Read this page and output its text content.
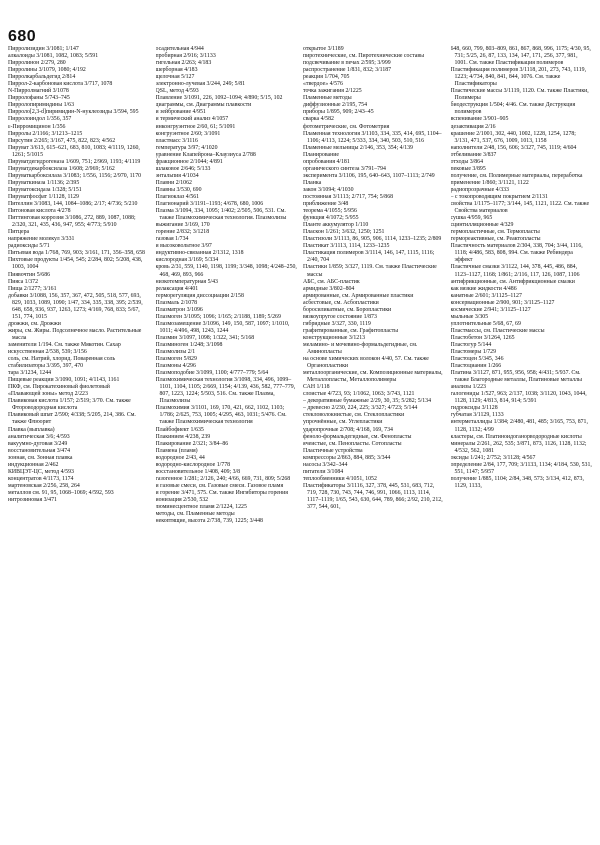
680

Пирролизидин 3/1081; 1/147

алкалоиды 3/1081, 1082, 1083; 5/591

Пирролинон 2/279, 280

Пирролины 3/1079, 1080; 4/192

Пирролкарбальдегид 2/814

Пиррол-2-карбоновая кислота 3/717, 1078

N-Пирролмагний 3/1078

Пирролофаны 5/743–745

Пирролопиримидины 1/63

Пирроло[2,3-d]пиримидин-N-нуклеозиды 3/594, 595

Пирролоиндол 1/356, 357

ε-Пирромицинон 1/356

Пирролы 2/1166; 3/1213–1215

Пирсутин 2/265; 3/167, 475, 822, 823; 4/562

Пируват 3/613, 615–621, 683, 810, 1083; 4/1119, 1260, 1261; 5/1015

Пируватдегидрогеназа 1/609, 751; 2/969, 1193; 4/1119

Пируватдекарбоксилаза 1/608; 2/969; 5/162

Пируваткарбоксилаза 3/1083; 1/556, 1156; 2/970, 1170

Пируваткиназа 1/1136; 2/395

Пируватоксидаза 1/328; 5/151

Пируватфосфат 1/1128, 1129

Пителлин 3/1083, 144, 1084–1086; 2/17; 4/736; 5/210

Питоновая кислота 4/278

Питтинговая коррозия 3/1086, 272, 889, 1087, 1088; 2/320, 321, 435, 436, 947, 955; 4/773; 5/910

Питцера

напряжение молекул 3/331

радиоксиды 5/71

Питьевая вода 1/768, 769, 903; 3/161, 171, 356–358, 658

Пихтовые продукты 1/454, 545; 2/284, 802; 5/208, 438, 1003, 1004

Пиявочтин 5/686

Пиясa 1/372

Пища 2/1277; 3/161

добавки 3/1088, 156, 357, 367, 472, 505, 518, 577, 693, 829, 1033, 1089, 1090; 1/47, 334, 335, 338, 395; 2/539, 648, 658, 936, 937, 1263, 1273; 4/169, 768, 833; 5/67, 151, 774, 1015

дрожжи, см. Дрожжи

жиры, см. Жиры. Подсолнечное масло. Растительные масла

заменители 1/194. См. также Мякотин. Сахар

искусственная 2/538, 539; 3/156

соль, см. Натрий, хлорид. Поваренная соль

стабилизаторы 3/395, 397, 470

тара 3/1234, 1244

Пищевые реакции 3/1090, 1091; 4/1143, 1161

ПКФ, см. Пирокатехиновый фиолетовый

«Плавающей зоны» метод 2/223

Плавиковая кислота 1/157; 2/519; 3/70. См. также Фтороводородная кислота

Плавиковый шпат 2/590; 4/338; 5/205, 214, 386. См. также Флюорит

Плавка (выплавка)

аналитическая 3/6; 4/593

вакуумно-дуговая 3/249

восстановительная 3/474

зонная, см. Зонная плавка

индукционная 2/462

КИВЦЭТ-ЦС, метод 4/593

концентратов 4/1173, 1174

мартеновская 2/256, 258, 264

металлов см. 91, 95, 1068–1069; 4/592, 593

нитрозиновая 3/471

осадительная 4/944

пробирная 2/916; 3/1133

тигельная 2/263; 4/183

шерборная 4/183

щелочная 5/127

электронно-лучевая 3/244, 249; 5/81

QSL, метод 4/593

Плавление 3/1091, 226, 1092–1094; 4/890; 5/15, 102

диаграммы, см. Диаграммы плавкости

и зейбрование 4/951

и термический анализ 4/1057

инконгруэнтное 2/60, 61; 5/1091

конгруэнтное 2/60; 3/1091

пластмасс 3/1116

температура 3/97; 4/1020

уравнение Клапейрона–Клаузиуса 2/788

фракционное 2/1044; 4/891

шлаковое 2/646; 5/133

энтальпия 4/1034

Плавни 2/1062

Плавны 3/530, 690

Плагиоклаз 4/561

Плагионарий 3/1191–1193; 4/678, 680, 1006

Плазма 3/1094, 334, 1095; 1/402; 2/505, 506, 531. См. также Плазмохимическая технология. Плазмолизы

выжигание 3/169, 170

горение 2/832; 3/1218

газовая 1/734

и высоковольтное 3/97

индуктивно-связанная 2/1312, 1318

кислородная 3/169; 5/334

кровь 2/31, 559, 1140, 1198, 1199; 3/348, 1098; 4/248–250, 468, 469, 893, 966

низкотемпературная 5/43

релаксация 4/401

терморегуляция диссоциации 2/158

Плазмаль 2/1078

Плазматрон 3/1096

Плазмоген 3/1095; 1096; 1/165; 2/1188, 1189; 5/269

Плазмозамещение 3/1096, 149, 150, 587, 1097; 1/1010, 1011; 4/496, 498, 1243, 1244

Плазмин 3/1097, 1098; 1/322, 341; 5/168

Плазминоген 1/248; 3/1098

Плазмолизы 2/1

Плазмоген 5/829

Плазмоны 4/296

Плазмоподобие 3/1099, 1100; 4/777–779; 5/64

Плазмохимическая технология 3/1098, 334, 496, 1099–1101, 1104, 1105; 2/669, 1154; 4/139, 436, 582, 777–779, 807, 1223, 1224; 5/503, 516. См. также Плазма, Плазмолизы

Плазмохимия 3/1101, 169, 170, 421, 662, 1102, 1103; 1/786; 2/625, 753, 1005; 4/295, 463, 1031; 5/476. См. также Плазмохимическая технология

Плайбофиект 1/635

Плакинием 4/238, 239

Плакирование 2/321; 3/84–86

Пламена (пламя)

водородное 2/43, 44

водородно-кислородное 1/778

восстановительное 1/408, 409; 3/8

газогенное 1/281; 2/126, 240; 4/66, 669, 731, 809; 5/268

и газовые смеси, см. Газовые смеси. Газовое пламя

и горение 3/471, 575. См. также Ингибиторы горения

ионизация 2/530, 532

люминесцентное пламя 2/1224, 1225

методы, см. Пламенные методы

некоптящие, высота 2/738, 739, 1225; 3/448

открытое 3/1189

пиротехнические, см. Пиротехнические составы

подсвечивание в печах 2/595; 3/999

распространение 1/831, 832; 3/1187

реакция 1/704, 705

«твердое» 4/576

точка зажигания 2/1225

Пламенные методы

диффузионные 2/195, 754

приборы 1/895, 909; 2/43–45

сварка 4/582

фотометрические, см. Фотометрия

Пламенная технология 3/1103, 334, 335, 414, 695, 1104–1106; 4/113, 1224; 5/333, 334, 340, 503, 510, 516

Пламенные мельницы 2/146, 353, 354; 4/139

Планирование

опробования 4/181

органического синтеза 3/791–794

эксперимента 3/1106, 195, 640–643, 1107–1113; 2/749

Планка

закон 3/1094; 4/1030

постоянная 3/1113; 2/717, 754; 5/868

приближение 3/48

теорема 4/1055; 5/956

функция 4/1072; 5/955

Планте аккумулятор 1/110

Пласкон 1/261; 3/632, 1250; 1251

Пластизоли 3/1113, 86, 905, 906, 1114, 1233–1235; 2/809

Пластикат 3/1113, 1114, 1233–1235

Пластикация полимеров 3/1114, 146, 147, 1115, 1116; 2/40, 704

Пластики 1/859; 3/327, 1119. См. также Пластические массы

АБС, см. АБС-пластик

армидные 3/802–804

армированные, см. Армированные пластики

асбестовые, см. Асбопластики

боросиликатные, см. Боропластики

вязкоупругое состояние 1/873

гибридные 3/327, 330, 1119

графитированные, см. Графитопласты

конструкционные 3/1213

меламино- и мочевино-формальдегидные, см. Аминопласты

на основе химических волокон 4/40, 57. См. также Органопластики

металлоорганические, см. Композиционные материалы, Металлопласты, Металлополимеры

САН 1/118

слоистые 4/723, 93; 1/1062, 1063; 3/743, 1121

– декоративные бумажные 2/29, 30, 35; 5/282; 5/134

– древесно 2/230, 224, 225; 3/327; 4/723; 5/144

стекловолокнистые, см. Стеклопластики

упрочнённые, см. Углепластики

ударопрочные 2/708; 4/168, 169, 734

феноло-формальдегидные, см. Фенопласты

ячеистые, см. Пенопласты. Сотопласты

Пластичные устройства

компрессоры 2/863, 884, 885; 3/344

насосы 3/342–344

питатели 3/1084

теплообменники 4/1051, 1052

Пластификаторы 3/1116, 327, 378, 445, 531, 683, 712, 719, 728, 730, 743, 744, 746, 991, 1066, 1113, 1114, 1117–1119; 1/65, 543, 630, 644, 789, 866; 2/92, 210, 212, 377, 544, 601,

648, 660, 799, 803–809, 861, 867, 868, 996, 1175; 4/30, 95, 731; 5/25, 26, 87, 133, 134, 147, 171, 256, 377, 981, 1001. См. также Пластификация полимеров

Пластификация полимеров 3/1118, 201, 273, 743, 1119, 1223; 4/734, 840, 841, 844, 1076. См. также Пластификаторы

Пластические массы 3/1119, 1120. См. также Пластики, Полимеры

биодеструкция 1/504; 4/46. См. также Деструкция полимеров

вспенивание 3/901–905

дезактивация 2/16

крашение 2/1001, 302, 440, 1002, 1228, 1254, 1278; 3/131, 471, 537, 676, 1009, 1013, 1158

наполнители 2/48, 156, 606; 3/327, 745, 1119; 4/604

отбеливание 3/837

отходы 3/864

пековые 3/895

получение, см. Полимерные материалы, переработка

применение 1/860; 3/1121, 1122

радиопрозрачные 4/333

– с токопроводящим покрытием 2/1131

свойства 1/1175–1177; 3/144, 145, 1121, 1122. См. также Свойства материалов

сушка 4/959, 965

сцинтилляционные 4/329

термопластичные, см. Термопласты

термореактивные, см. Реактопласты

Пластичность материалов 2/304, 338, 704; 3/44, 1116, 1118; 4/486, 583, 808, 994. См. также Ребиндера эффект

Пластичные смазки 3/1122, 144, 378, 445, 486, 884, 1123–1127, 1168; 1/861; 2/116, 117, 126, 1087, 1106

антифрикционные, см. Антифрикционные смазки

как вязкие жидкости 4/486

канатные 2/601; 3/1125–1127

консервационные 2/900, 901; 3/1125–1127

космические 2/941; 3/1125–1127

мыльные 3/305

уплотнительные 5/68, 67, 69

Пластмассы, см. Пластические массы

Пластобетон 3/1264, 1265

Пластогур 5/144

Пластомеры 1/729

Пластоцен 5/345, 346

Пластоцианин 1/266

Платина 3/1127, 871, 955, 956, 958; 4/431; 5/937. См. также Благородные металлы, Платиновые металлы

анализы 1/223

галогениды 1/527, 963; 2/137, 1038; 3/1120, 1043, 1044, 1128, 1129; 4/813, 814, 914; 5/391

гидроксиды 3/1128

губчатая 3/1129, 1133

интерметаллиды 1/384; 2/480, 481, 485; 3/165, 753, 871, 1128, 1132; 4/99

кластеры, см. Платиноидоганорводородные кислоты

минералы 2/261, 262, 535; 3/871, 873, 1126, 1128, 1132; 4/532, 562, 1081

оксиды 1/241; 2/752; 3/1128; 4/567

определение 2/84, 177, 709; 3/1133, 1134; 4/184, 530, 531, 551, 1147; 5/957

получение 1/885, 1104; 2/84, 348, 573; 3/134, 412, 873, 1129, 1133,
